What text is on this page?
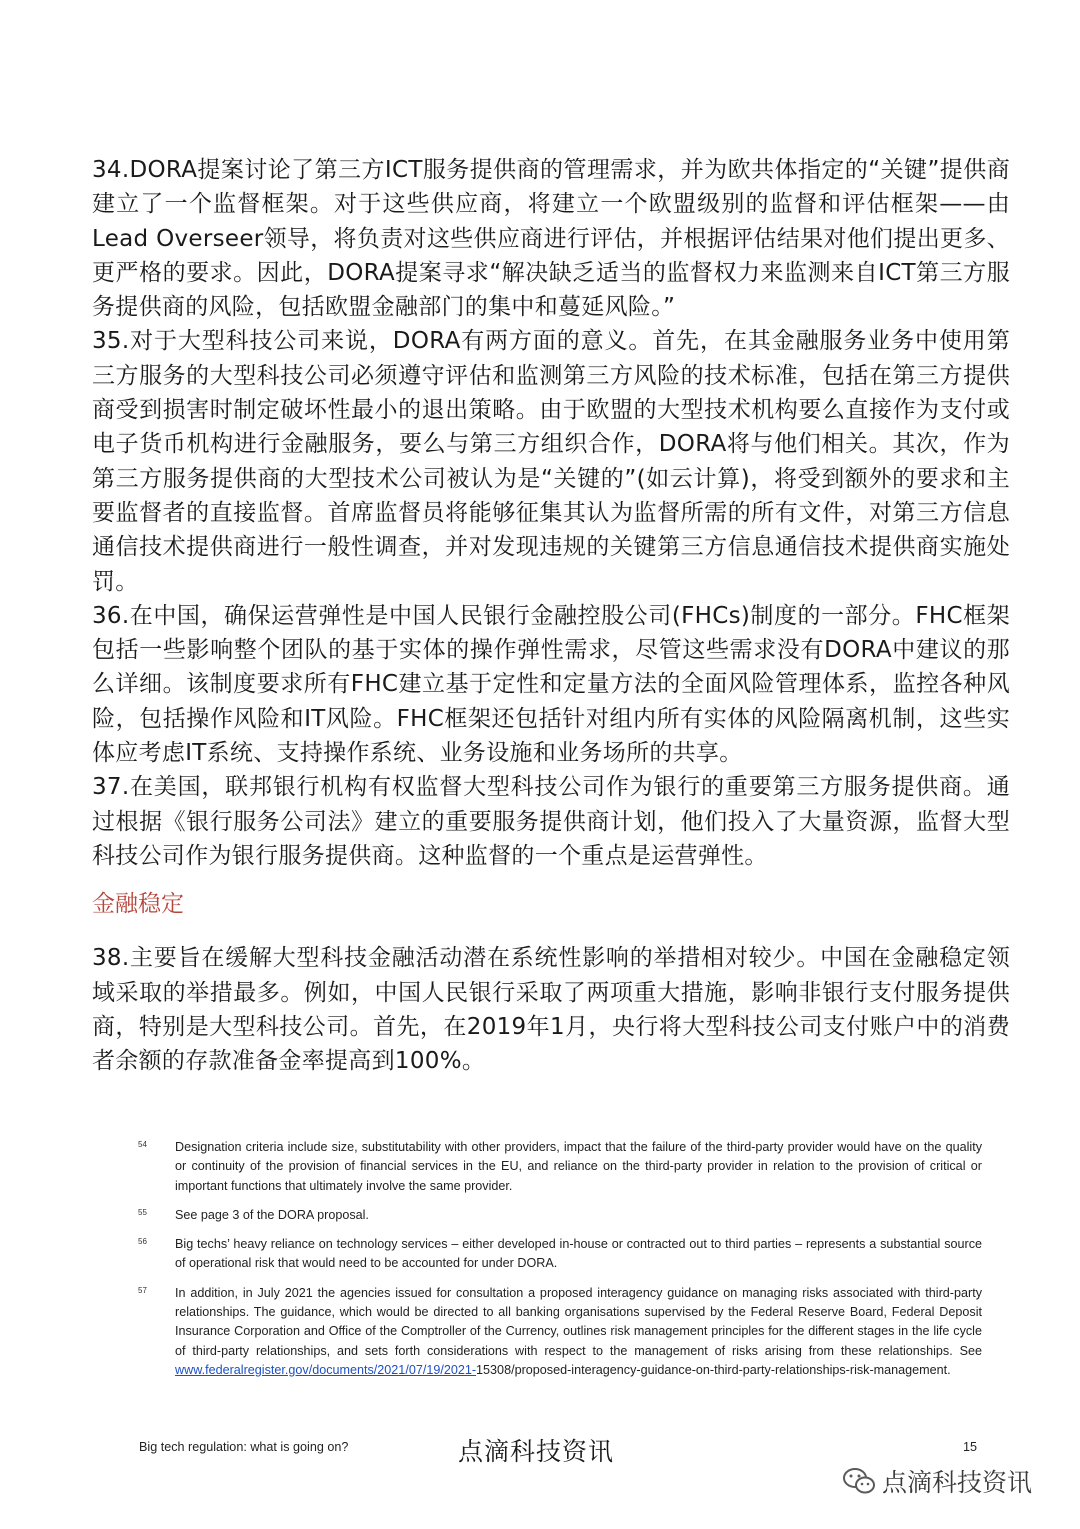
34.DORA提案讨论了第三方ICT服务提供商的管理需求，并为欧共体指定的“关键”提供商建立了一个监督框架。对于这些供应商，将建立一个欧盟级别的监督和评估框架——由Lead Overseer领导，将负责对这些供应商进行评估，并根据评估结果对他们提出更多、更严格的要求。因此，DORA提案寻求“解决缺乏适当的监督权力来监测来自ICT第三方服务提供商的风险，包括欧盟金融部门的集中和蔓延风险。”

35.对于大型科技公司来说，DORA有两方面的意义。首先，在其金融服务业务中使用第三方服务的大型科技公司必须遵守评估和监测第三方风险的技术标准，包括在第三方提供商受到损害时制定破坏性最小的退出策略。由于欧盟的大型技术机构要么直接作为支付或电子货币机构进行金融服务，要么与第三方组织合作，DORA将与他们相关。其次，作为第三方服务提供商的大型技术公司被认为是“关键的”(如云计算)，将受到额外的要求和主要监督者的直接监督。首席监督员将能够征集其认为监督所需的所有文件，对第三方信息通信技术提供商进行一般性调查，并对发现违规的关键第三方信息通信技术提供商实施处罚。

36.在中国，确保运营弹性是中国人民银行金融控股公司(FHCs)制度的一部分。FHC框架包括一些影响整个团队的基于实体的操作弹性需求，尽管这些需求没有DORA中建议的那么详细。该制度要求所有FHC建立基于定性和定量方法的全面风险管理体系，监控各种风险，包括操作风险和IT风险。FHC框架还包括针对组内所有实体的风险隔离机制，这些实体应考虑IT系统、支持操作系统、业务设施和业务场所的共享。

37.在美国，联邦银行机构有权监督大型科技公司作为银行的重要第三方服务提供商。通过根据《银行服务公司法》建立的重要服务提供商计划，他们投入了大量资源，监督大型科技公司作为银行服务提供商。这种监督的一个重点是运营弹性。

金融稳定

38.主要旨在缓解大型科技金融活动潜在系统性影响的举措相对较少。中国在金融稳定领域采取的举措最多。例如，中国人民银行采取了两项重大措施，影响非银行支付服务提供商，特别是大型科技公司。首先，在2019年1月，央行将大型科技公司支付账户中的消费者余额的存款准备金率提高到100%。

54	Designation criteria include size, substitutability with other providers, impact that the failure of the third-party provider would have on the quality or continuity of the provision of financial services in the EU, and reliance on the third-party provider in relation to the provision of critical or important functions that ultimately involve the same provider.
55	See page 3 of the DORA proposal.
56	Big techs’ heavy reliance on technology services – either developed in-house or contracted out to third parties – represents a substantial source of operational risk that would need to be accounted for under DORA.
57	In addition, in July 2021 the agencies issued for consultation a proposed interagency guidance on managing risks associated with third-party relationships. The guidance, which would be directed to all banking organisations supervised by the Federal Reserve Board, Federal Deposit Insurance Corporation and Office of the Comptroller of the Currency, outlines risk management principles for the different stages in the life cycle of third-party relationships, and sets forth considerations with respect to the management of risks arising from these relationships. See www.federalregister.gov/documents/2021/07/19/2021-15308/proposed-interagency-guidance-on-third-party-relationships-risk-management.
Big tech regulation: what is going on?	点滴科技资讯	15
点滴科技资讯
